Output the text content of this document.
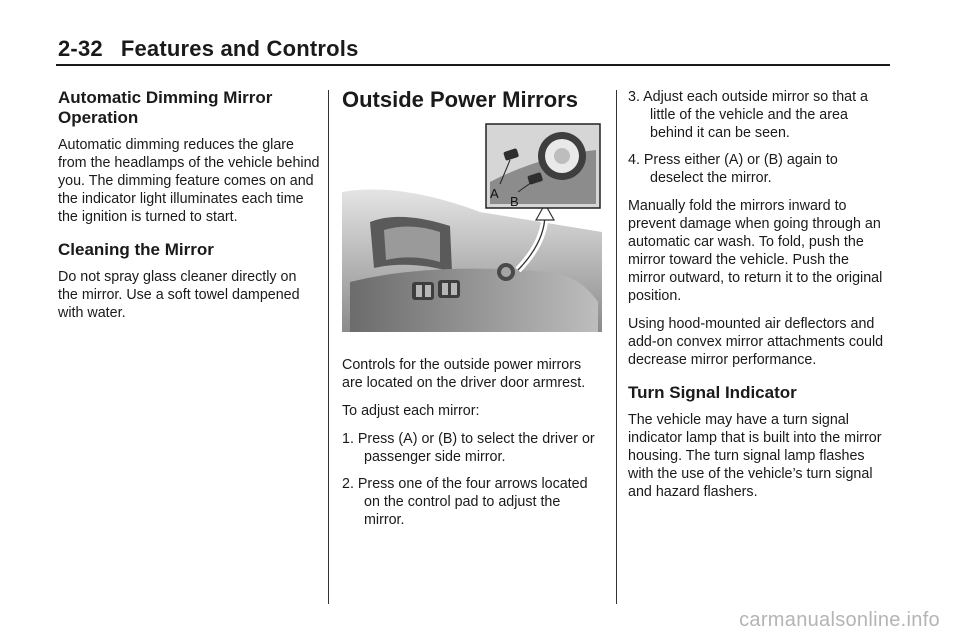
2-32 Features and Controls
Automatic Dimming Mirror Operation

Automatic dimming reduces the glare from the headlamps of the vehicle behind you. The dimming feature comes on and the indicator light illuminates each time the ignition is turned to start.

Cleaning the Mirror

Do not spray glass cleaner directly on the mirror. Use a soft towel dampened with water.

Outside Power Mirrors
A
B

Controls for the outside power mirrors are located on the driver door armrest.

To adjust each mirror:

1. Press (A) or (B) to select the driver or passenger side mirror.
2. Press one of the four arrows located on the control pad to adjust the mirror.
3. Adjust each outside mirror so that a little of the vehicle and the area behind it can be seen.
4. Press either (A) or (B) again to deselect the mirror.

Manually fold the mirrors inward to prevent damage when going through an automatic car wash. To fold, push the mirror toward the vehicle. Push the mirror outward, to return it to the original position.

Using hood-mounted air deflectors and add-on convex mirror attachments could decrease mirror performance.

Turn Signal Indicator

The vehicle may have a turn signal indicator lamp that is built into the mirror housing. The turn signal lamp flashes with the use of the vehicle’s turn signal and hazard flashers.

carmanualsonline.info
